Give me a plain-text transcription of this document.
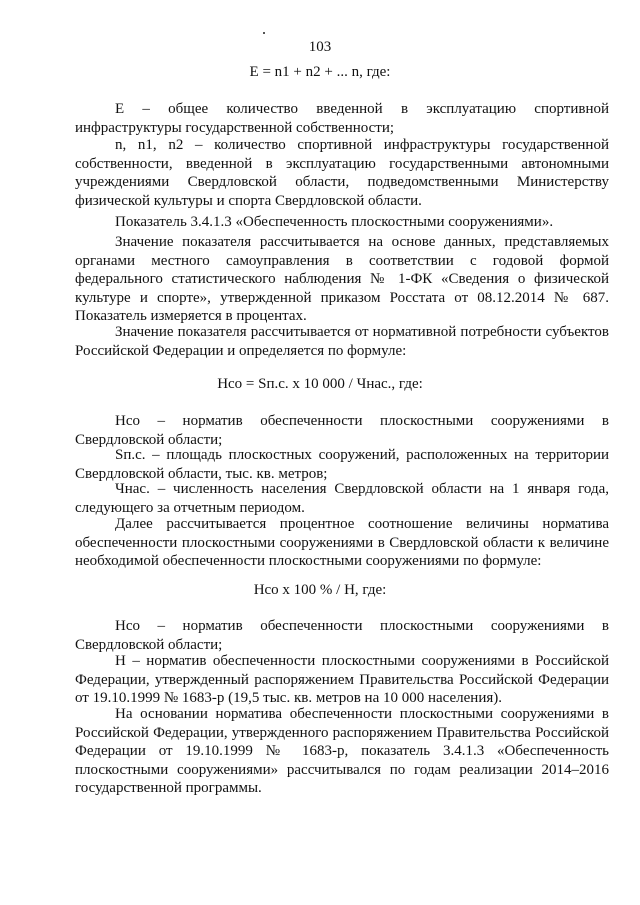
103
Е = n1 + n2 + ... n, где:

Е – общее количество введенной в эксплуатацию спортивной инфраструктуры государственной собственности;

n, n1, n2 – количество спортивной инфраструктуры государственной собственности, введенной в эксплуатацию государственными автономными учреждениями Свердловской области, подведомственными Министерству физической культуры и спорта Свердловской области.

Показатель 3.4.1.3 «Обеспеченность плоскостными сооружениями».

Значение показателя рассчитывается на основе данных, представляемых органами местного самоуправления в соответствии с годовой формой федерального статистического наблюдения № 1-ФК «Сведения о физической культуре и спорте», утвержденной приказом Росстата от 08.12.2014 № 687. Показатель измеряется в процентах.

Значение показателя рассчитывается от нормативной потребности субъектов Российской Федерации и определяется по формуле:

Нсо = Sп.с. х 10 000 / Чнас., где:

Нсо – норматив обеспеченности плоскостными сооружениями в Свердловской области;

Sп.с. – площадь плоскостных сооружений, расположенных на территории Свердловской области, тыс. кв. метров;

Чнас. – численность населения Свердловской области на 1 января года, следующего за отчетным периодом.

Далее рассчитывается процентное соотношение величины норматива обеспеченности плоскостными сооружениями в Свердловской области к величине необходимой обеспеченности плоскостными сооружениями по формуле:

Нсо х 100 % / Н, где:

Нсо – норматив обеспеченности плоскостными сооружениями в Свердловской области;

Н – норматив обеспеченности плоскостными сооружениями в Российской Федерации, утвержденный распоряжением Правительства Российской Федерации от 19.10.1999 № 1683-р (19,5 тыс. кв. метров на 10 000 населения).

На основании норматива обеспеченности плоскостными сооружениями в Российской Федерации, утвержденного распоряжением Правительства Российской Федерации от 19.10.1999 № 1683-р, показатель 3.4.1.3 «Обеспеченность плоскостными сооружениями» рассчитывался по годам реализации 2014–2016 государственной программы.
